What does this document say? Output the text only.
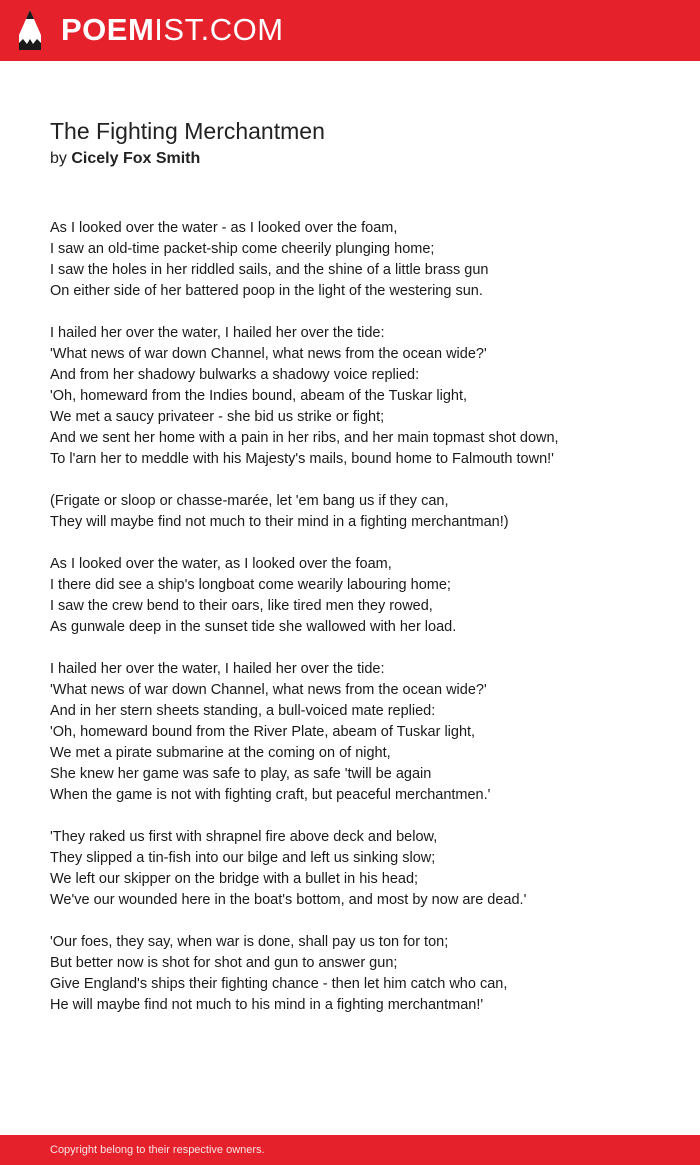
POEMIST.COM
The Fighting Merchantmen
by Cicely Fox Smith
As I looked over the water - as I looked over the foam,
I saw an old-time packet-ship come cheerily plunging home;
I saw the holes in her riddled sails, and the shine of a little brass gun
On either side of her battered poop in the light of the westering sun.
I hailed her over the water, I hailed her over the tide:
'What news of war down Channel, what news from the ocean wide?'
And from her shadowy bulwarks a shadowy voice replied:
'Oh, homeward from the Indies bound, abeam of the Tuskar light,
We met a saucy privateer - she bid us strike or fight;
And we sent her home with a pain in her ribs, and her main topmast shot down,
To l'arn her to meddle with his Majesty's mails, bound home to Falmouth town!'
(Frigate or sloop or chasse-marée, let 'em bang us if they can,
They will maybe find not much to their mind in a fighting merchantman!)
As I looked over the water, as I looked over the foam,
I there did see a ship's longboat come wearily labouring home;
I saw the crew bend to their oars, like tired men they rowed,
As gunwale deep in the sunset tide she wallowed with her load.
I hailed her over the water, I hailed her over the tide:
'What news of war down Channel, what news from the ocean wide?'
And in her stern sheets standing, a bull-voiced mate replied:
'Oh, homeward bound from the River Plate, abeam of Tuskar light,
We met a pirate submarine at the coming on of night,
She knew her game was safe to play, as safe 'twill be again
When the game is not with fighting craft, but peaceful merchantmen.'
'They raked us first with shrapnel fire above deck and below,
They slipped a tin-fish into our bilge and left us sinking slow;
We left our skipper on the bridge with a bullet in his head;
We've our wounded here in the boat's bottom, and most by now are dead.'
'Our foes, they say, when war is done, shall pay us ton for ton;
But better now is shot for shot and gun to answer gun;
Give England's ships their fighting chance - then let him catch who can,
He will maybe find not much to his mind in a fighting merchantman!'
Copyright belong to their respective owners.
